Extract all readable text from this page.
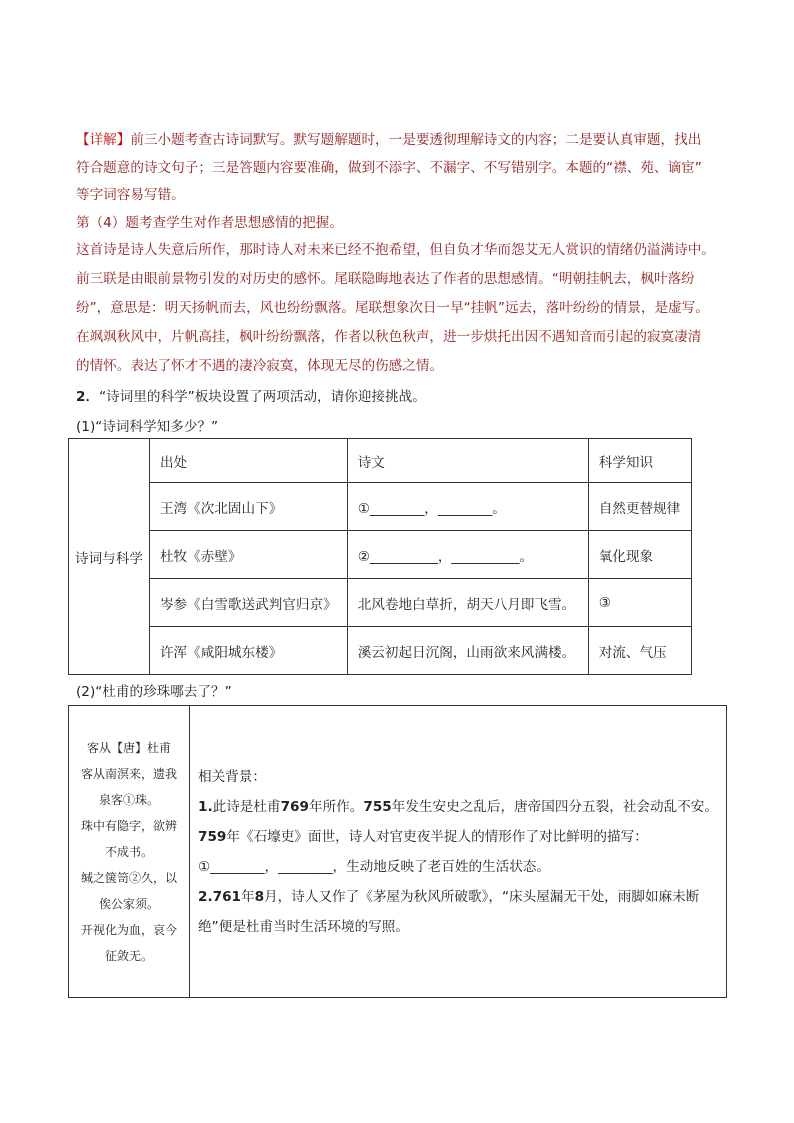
【详解】前三小题考查古诗词默写。默写题解题时，一是要透彻理解诗文的内容；二是要认真审题，找出
符合题意的诗文句子；三是答题内容要准确，做到不添字、不漏字、不写错别字。本题的“襟、苑、谪宦”
等字词容易写错。
第（4）题考查学生对作者思想感情的把握。
这首诗是诗人失意后所作，那时诗人对未来已经不抱希望，但自负才华而怨艾无人赏识的情绪仍溢满诗中。
前三联是由眼前景物引发的对历史的感怀。尾联隐晦地表达了作者的思想感情。“明朝挂帆去，枫叶落纷
纷”，意思是：明天扬帆而去，风也纷纷飘落。尾联想象次日一早“挂帆”远去，落叶纷纷的情景，是虚写。
在飒飒秋风中，片帆高挂，枫叶纷纷飘落，作者以秋色秋声，进一步烘托出因不遇知音而引起的寂寞凄清
的情怀。表达了怀才不遇的凄冷寂寞，体现无尽的伤感之情。
2．“诗词里的科学”板块设置了两项活动，请你迎接挑战。
(1)“诗词科学知多少？”
诗词与科学	出处	诗文	科学知识
	王湾《次北固山下》	①________，________。	自然更替规律
	杜牧《赤壁》	②__________，__________。	氧化现象
	岑参《白雪歌送武判官归京》	北风卷地白草折，胡天八月即飞雪。	③
	许浑《咸阳城东楼》	溪云初起日沉阁，山雨欲来风满楼。	对流、气压
(2)“杜甫的珍珠哪去了？”
客从【唐】杜甫
客从南溟来，遗我
泉客①珠。
珠中有隐字，欲辨
不成书。
缄之箧笥②久，以
俟公家须。
开视化为血，哀今
征敛无。

相关背景：
1.此诗是杜甫769年所作。755年发生安史之乱后，唐帝国四分五裂，社会动乱不安。
759年《石壕吏》面世，诗人对官吏夜半捉人的情形作了对比鲜明的描写：
①________，________，生动地反映了老百姓的生活状态。
2.761年8月，诗人又作了《茅屋为秋风所破歌》，“床头屋漏无干处，雨脚如麻未断
绝”便是杜甫当时生活环境的写照。
